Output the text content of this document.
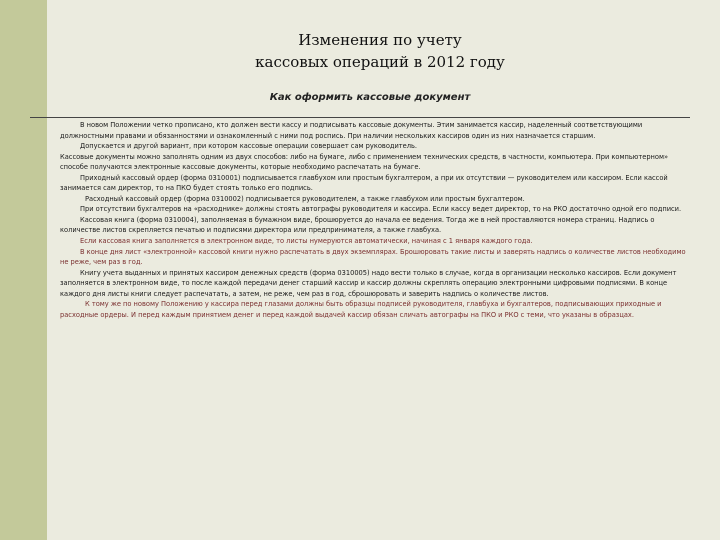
Изменения по учету
кассовых операций в 2012 году
Как оформить кассовые документ

В новом Положении четко прописано, кто должен вести кассу и подписывать кассовые документы. Этим занимается кассир, наделенный соответствующими должностными правами и обязанностями и ознакомленный с ними под роспись. При наличии нескольких кассиров один из них назначается старшим.

Допускается и другой вариант, при котором кассовые операции совершает сам руководитель.

Кассовые документы можно заполнять одним из двух способов: либо на бумаге, либо с применением технических средств, в частности, компьютера. При компьютерном» способе получаются электронные кассовые документы, которые необходимо распечатать на бумаге.

Приходный кассовый ордер (форма 0310001) подписывается главбухом или простым бухгалтером, а при их отсутствии — руководителем или кассиром. Если кассой занимается сам директор, то на ПКО будет стоять только его подпись.

Расходный кассовый ордер (форма 0310002) подписывается руководителем, а также главбухом или простым бухгалтером.

При отсутствии бухгалтеров на «расходнике» должны стоять автографы руководителя и кассира. Если кассу ведет директор, то на РКО достаточно одной его подписи.

Кассовая книга (форма 0310004), заполняемая в бумажном виде, брошюруется до начала ее ведения. Тогда же в ней проставляются номера страниц. Надпись о количестве листов скрепляется печатью и подписями директора или предпринимателя, а также главбуха.

Если кассовая книга заполняется в электронном виде, то листы нумеруются автоматически, начиная с 1 января каждого года.

В конце дня лист «электронной» кассовой книги нужно распечатать в двух экземплярах. Брошюровать такие листы и заверять надпись о количестве листов необходимо не реже, чем раз в год.

Книгу учета выданных и принятых кассиром денежных средств (форма 0310005) надо вести только в случае, когда в организации несколько кассиров. Если документ заполняется в электронном виде, то после каждой передачи денег старший кассир и кассир должны скреплять операцию электронными цифровыми подписями. В конце каждого дня листы книги следует распечатать, а затем, не реже, чем раз в год, сброшюровать и заверить надпись о количестве листов.

К тому же по новому Положению у кассира перед глазами должны быть образцы подписей руководителя, главбуха и бухгалтеров, подписывающих приходные и расходные ордеры. И перед каждым принятием денег и перед каждой выдачей кассир обязан сличать автографы на ПКО и РКО с теми, что указаны в образцах.
